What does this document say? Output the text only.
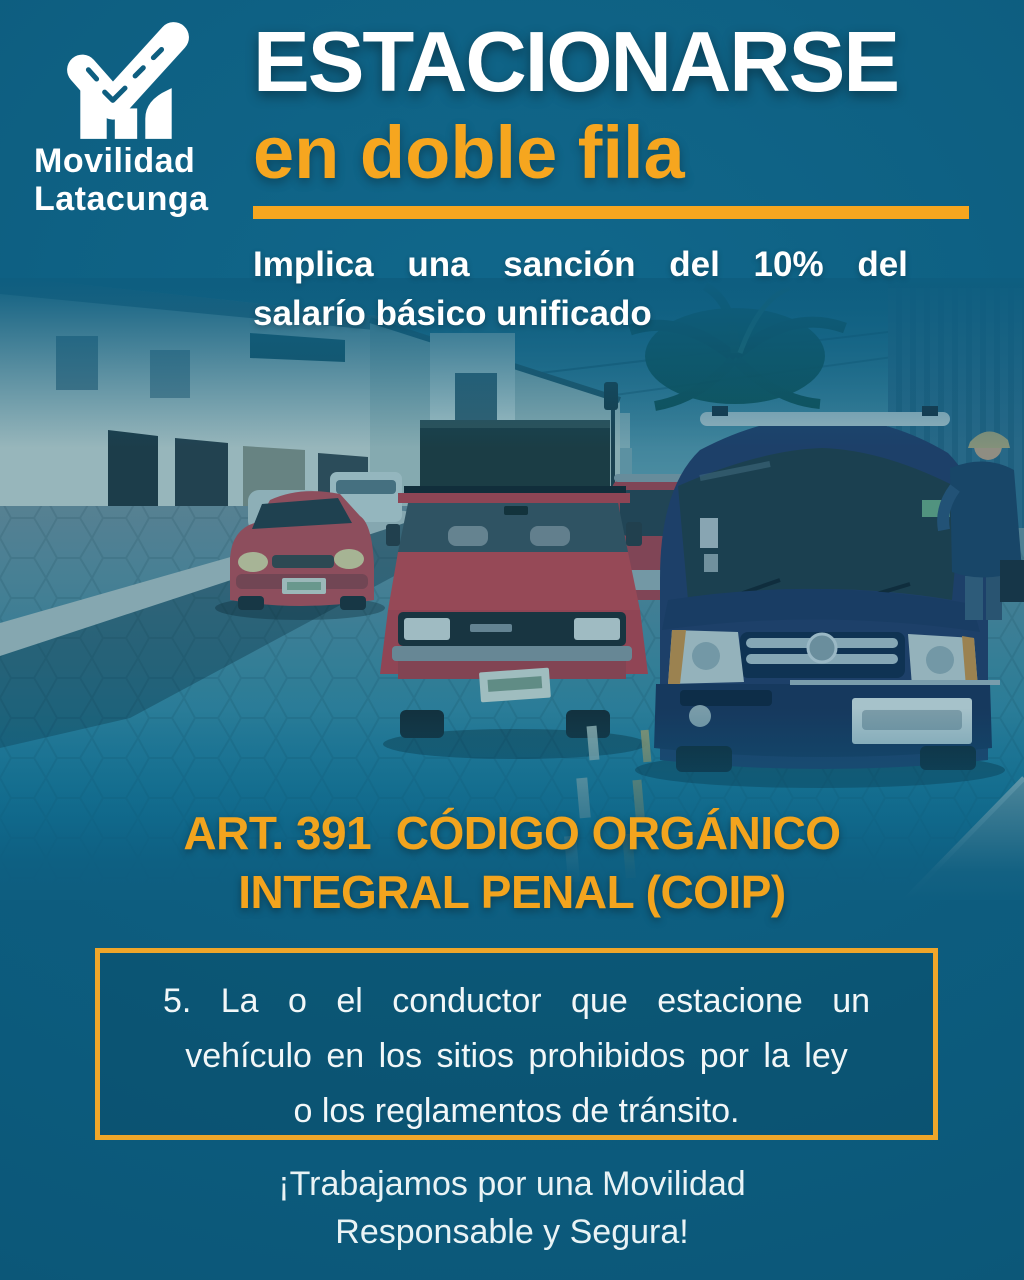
Movilidad
Latacunga
ESTACIONARSE
en doble fila
Implica una sanción del 10% del
salarío básico unificado
ART. 391  CÓDIGO ORGÁNICO
INTEGRAL PENAL (COIP)
5. La o el conductor que estacione un
vehículo en los sitios prohibidos por la ley
o los reglamentos de tránsito.
¡Trabajamos por una Movilidad
Responsable y Segura!
